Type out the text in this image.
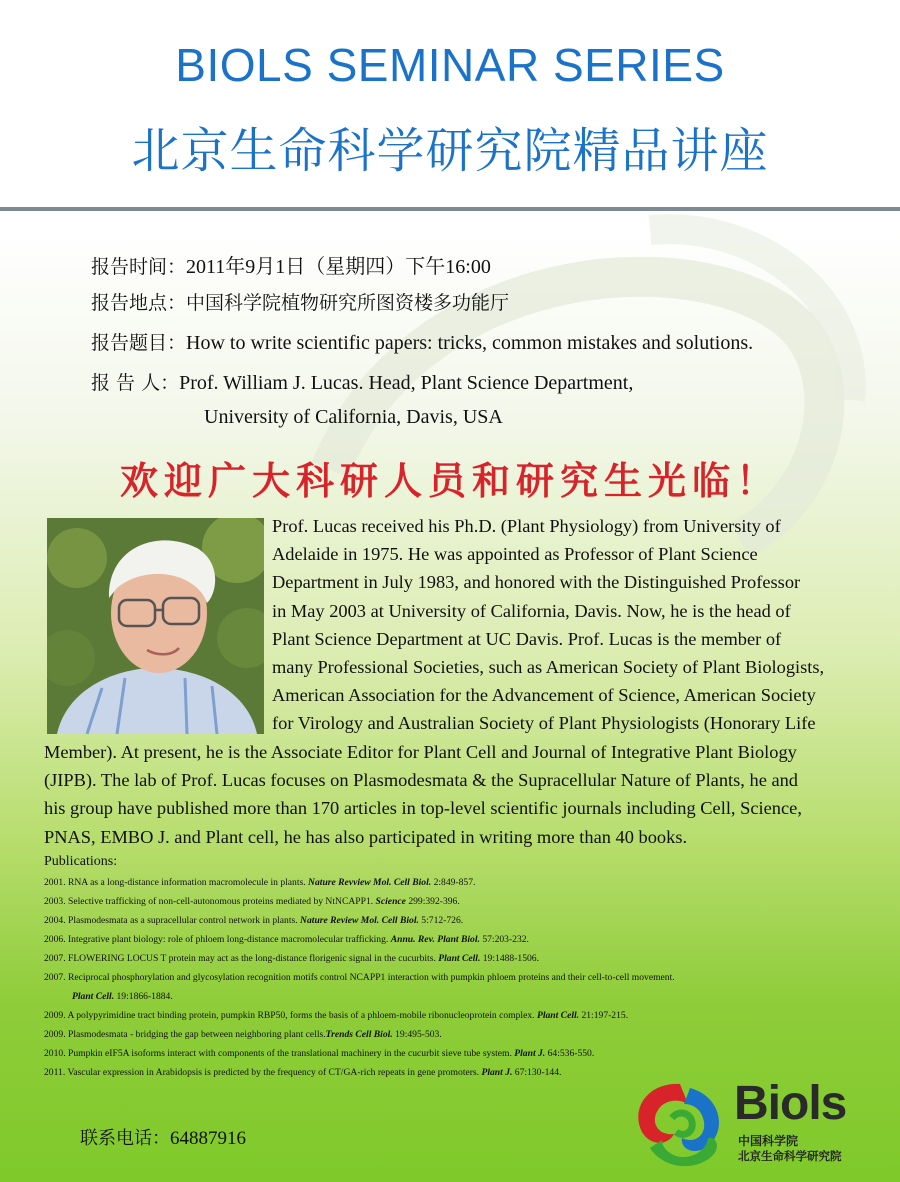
BIOLS SEMINAR SERIES
北京生命科学研究院精品讲座
报告时间：2011年9月1日（星期四）下午16:00
报告地点：中国科学院植物研究所图资楼多功能厅
报告题目：How to write scientific papers: tricks, common mistakes and solutions.
报 告 人：Prof. William J. Lucas. Head, Plant Science Department,
University of California, Davis, USA
欢迎广大科研人员和研究生光临！
Prof. Lucas received his Ph.D. (Plant Physiology) from University of
Adelaide in 1975. He was appointed as Professor of Plant Science
Department in July 1983, and honored with the Distinguished Professor
in May 2003 at University of California, Davis. Now, he is the head of
Plant Science Department at UC Davis. Prof. Lucas is the member of
many Professional Societies, such as American Society of Plant Biologists,
American Association for the Advancement of Science, American Society
for Virology and Australian Society of Plant Physiologists (Honorary Life
Member). At present, he is the Associate Editor for Plant Cell and Journal of Integrative Plant Biology
(JIPB). The lab of Prof. Lucas focuses on Plasmodesmata & the Supracellular Nature of Plants, he and
his group have published more than 170 articles in top-level scientific journals including Cell, Science,
PNAS, EMBO J. and Plant cell, he has also participated in writing more than 40 books.
Publications:
2001. RNA as a long-distance information macromolecule in plants. Nature Revview Mol. Cell Biol. 2:849-857.
2003. Selective trafficking of non-cell-autonomous proteins mediated by NtNCAPP1. Science 299:392-396.
2004. Plasmodesmata as a supracellular control network in plants. Nature Review Mol. Cell Biol. 5:712-726.
2006. Integrative plant biology: role of phloem long-distance macromolecular trafficking. Annu. Rev. Plant Biol. 57:203-232.
2007. FLOWERING LOCUS T protein may act as the long-distance florigenic signal in the cucurbits. Plant Cell. 19:1488-1506.
2007. Reciprocal phosphorylation and glycosylation recognition motifs control NCAPP1 interaction with pumpkin phloem proteins and their cell-to-cell movement.
Plant Cell. 19:1866-1884.
2009. A polypyrimidine tract binding protein, pumpkin RBP50, forms the basis of a phloem-mobile ribonucleoprotein complex. Plant Cell. 21:197-215.
2009. Plasmodesmata - bridging the gap between neighboring plant cells.Trends Cell Biol. 19:495-503.
2010. Pumpkin eIF5A isoforms interact with components of the translational machinery in the cucurbit sieve tube system. Plant J. 64:536-550.
2011. Vascular expression in Arabidopsis is predicted by the frequency of CT/GA-rich repeats in gene promoters. Plant J. 67:130-144.
联系电话：64887916
Biols
中国科学院
北京生命科学研究院
